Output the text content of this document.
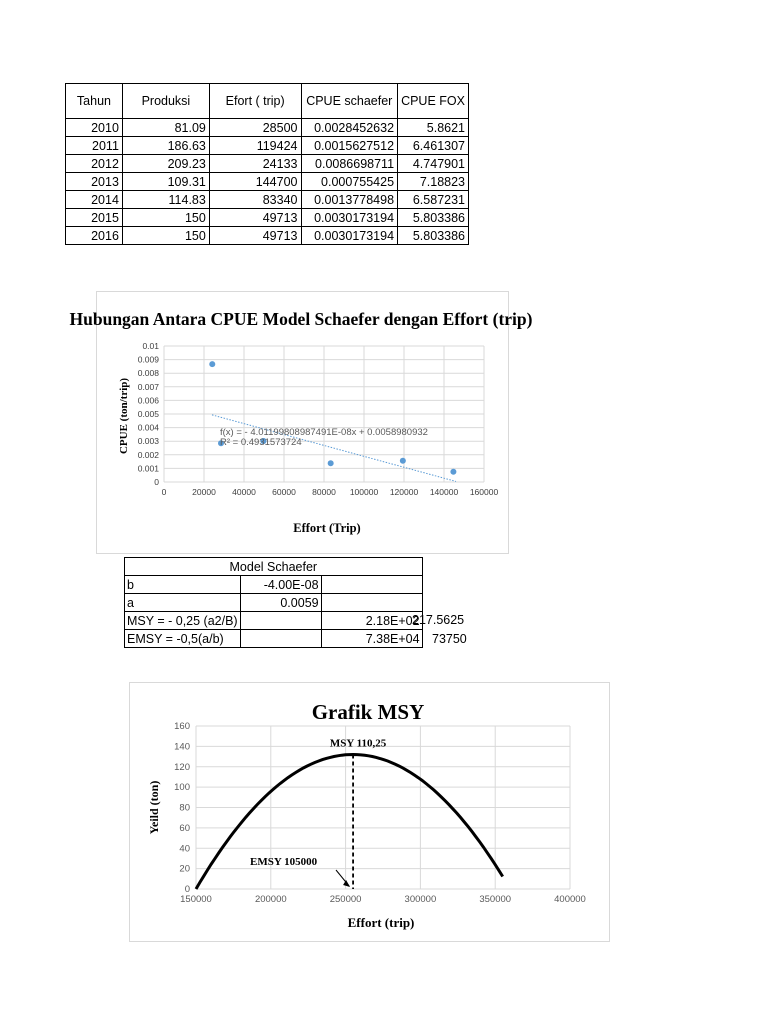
Tahun	Produksi	Efort ( trip)	CPUE schaefer	CPUE FOX
2010	81.09	28500	0.0028452632	5.8621
2011	186.63	119424	0.0015627512	6.461307
2012	209.23	24133	0.0086698711	4.747901
2013	109.31	144700	0.000755425	7.18823
2014	114.83	83340	0.0013778498	6.587231
2015	150	49713	0.0030173194	5.803386
2016	150	49713	0.0030173194	5.803386
Hubungan Antara CPUE Model Schaefer dengan Effort (trip)
0
0.001
0.002
0.003
0.004
0.005
0.006
0.007
0.008
0.009
0.01
0	20000 40000 60000 80000 100000 120000 140000 160000
f(x) = - 4.01199808987491E-08x + 0.0058980932
R² = 0.4931573724
Effort (Trip)
CPUE (ton/trip)
Model Schaefer		
b	-4.00E-08	
a	0.0059	
MSY = - 0,25 (a2/B)		2.18E+02
EMSY = -0,5(a/b)		7.38E+04
217.5625
73750
Grafik MSY
0
20
40
60
80
100
120
140
160
150000	200000	250000	300000	350000	400000
MSY 110,25
EMSY 105000
Effort (trip)
Yeild (ton)
